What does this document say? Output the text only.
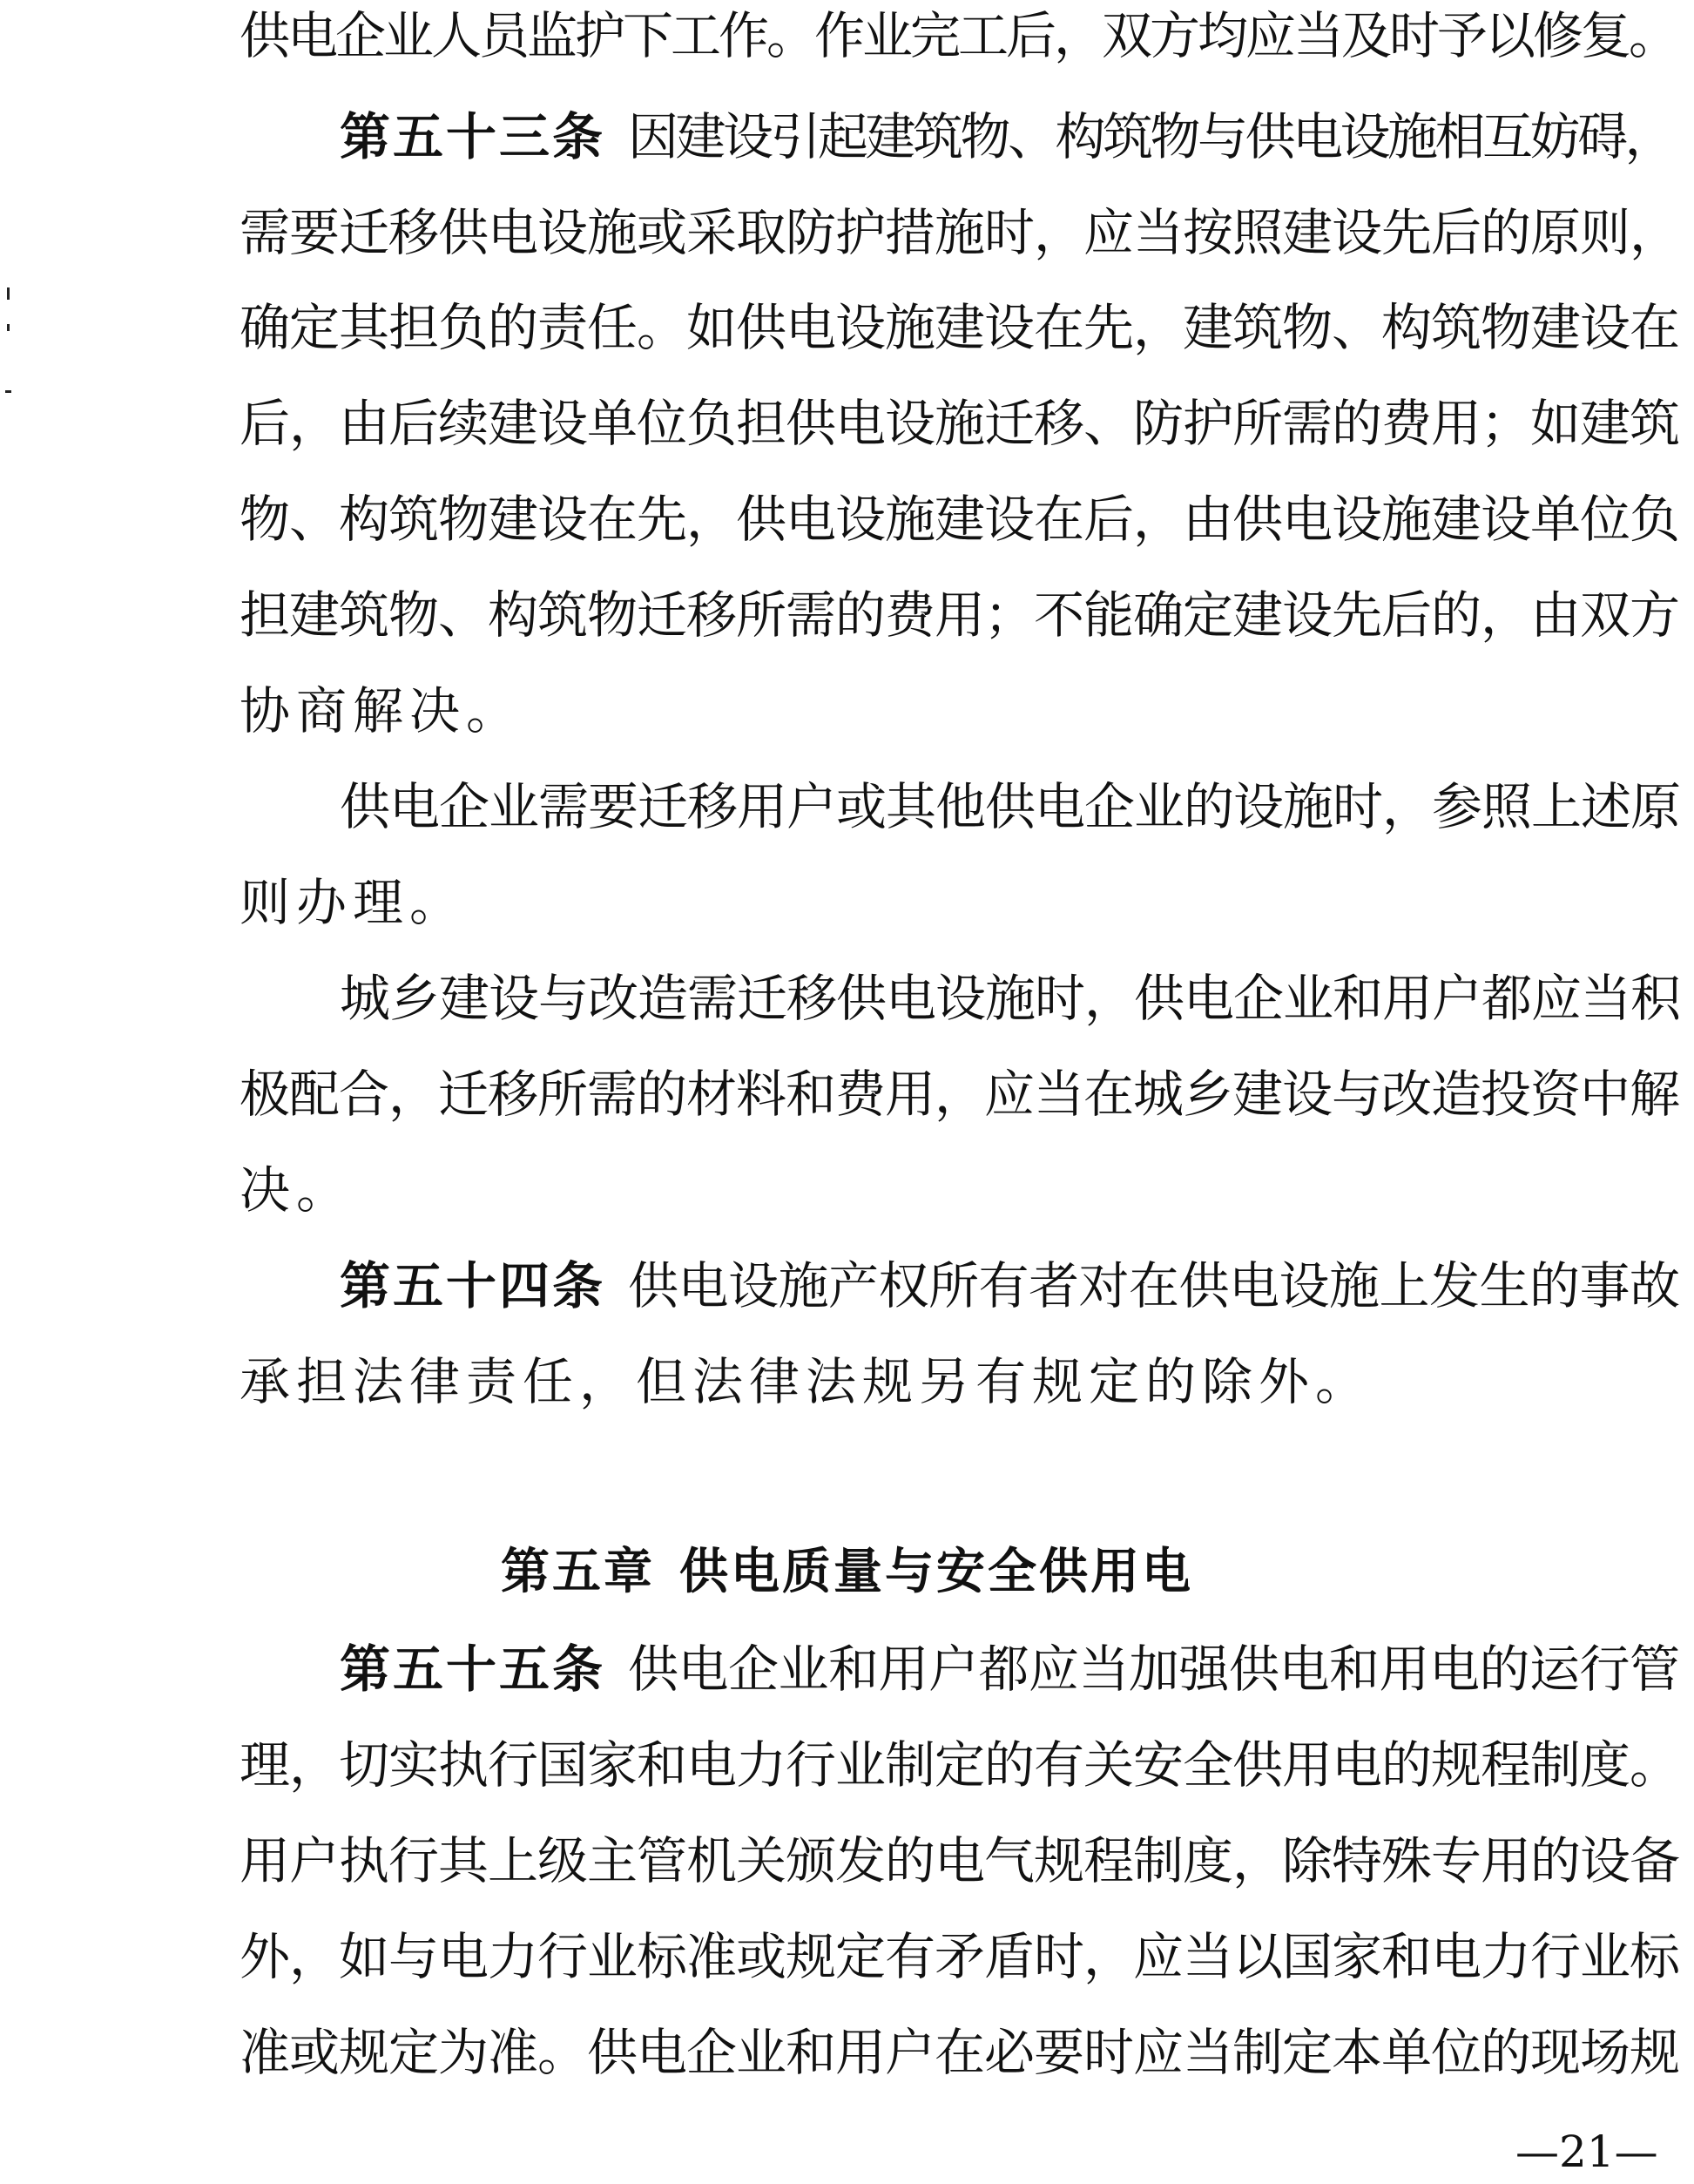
供电企业人员监护下工作。作业完工后，双方均应当及时予以修复。
第五十三条 因建设引起建筑物、构筑物与供电设施相互妨碍，
需要迁移供电设施或采取防护措施时，应当按照建设先后的原则，
确定其担负的责任。如供电设施建设在先，建筑物、构筑物建设在
后，由后续建设单位负担供电设施迁移、防护所需的费用；如建筑
物、构筑物建设在先，供电设施建设在后，由供电设施建设单位负
担建筑物、构筑物迁移所需的费用；不能确定建设先后的，由双方
协商解决。
供电企业需要迁移用户或其他供电企业的设施时，参照上述原
则办理。
城乡建设与改造需迁移供电设施时，供电企业和用户都应当积
极配合，迁移所需的材料和费用，应当在城乡建设与改造投资中解
决。
第五十四条 供电设施产权所有者对在供电设施上发生的事故
承担法律责任，但法律法规另有规定的除外。
第五章 供电质量与安全供用电
第五十五条 供电企业和用户都应当加强供电和用电的运行管
理，切实执行国家和电力行业制定的有关安全供用电的规程制度。
用户执行其上级主管机关颁发的电气规程制度，除特殊专用的设备
外，如与电力行业标准或规定有矛盾时，应当以国家和电力行业标
准或规定为准。供电企业和用户在必要时应当制定本单位的现场规
—21—
